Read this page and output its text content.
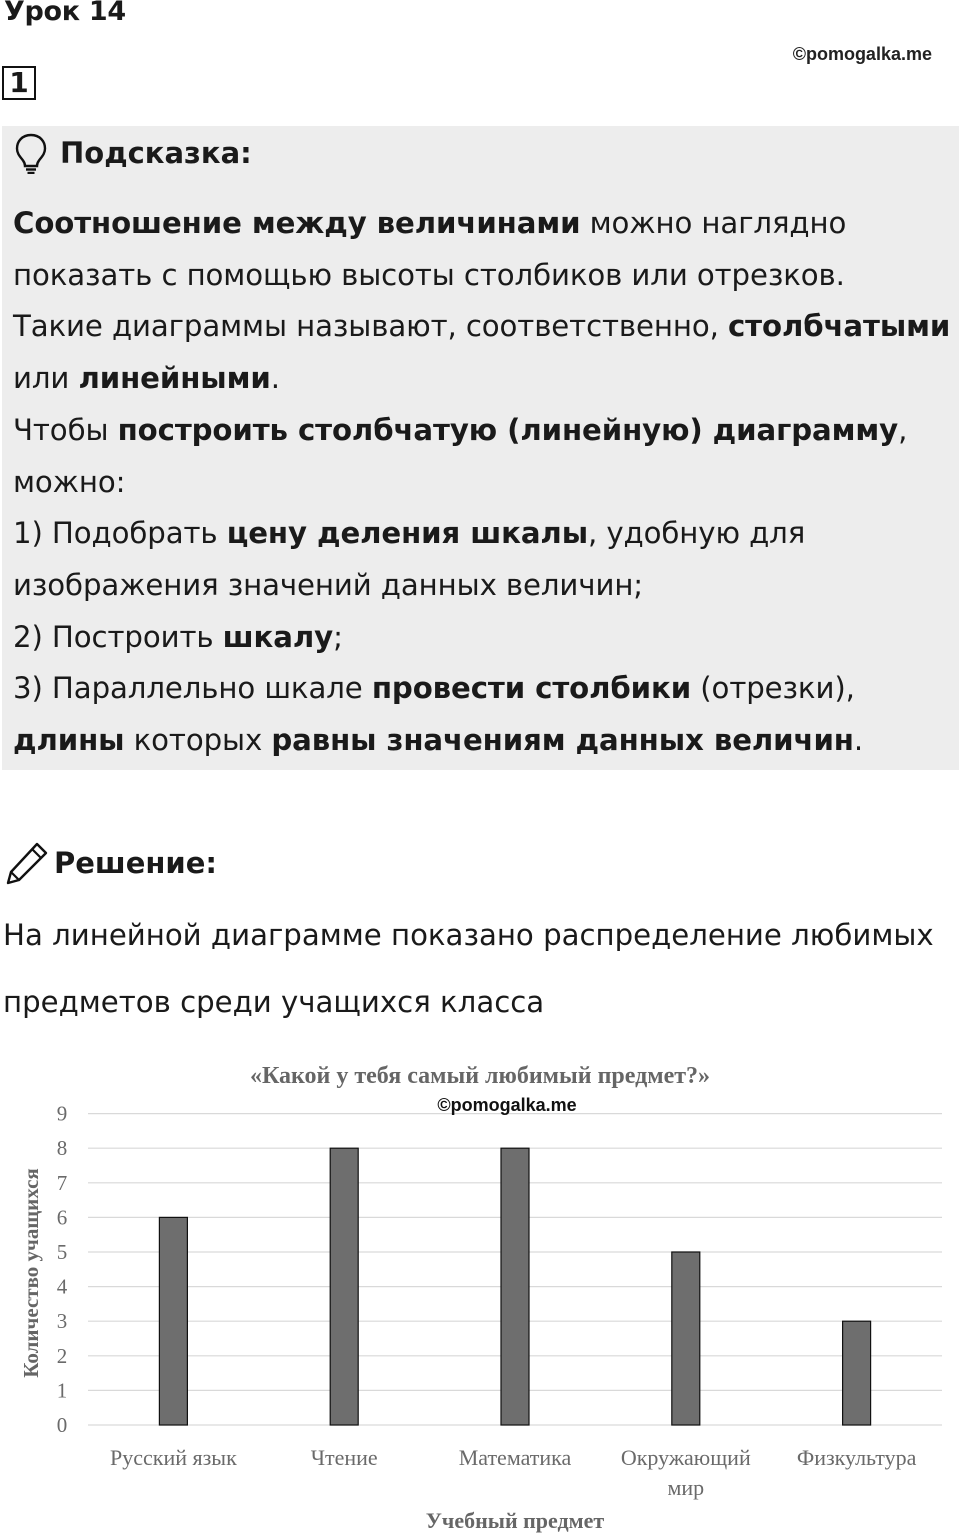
Урок 14
©pomogalka.me
1
Подсказка:

Соотношение между величинами можно наглядно

показать с помощью высоты столбиков или отрезков.

Такие диаграммы называют, соответственно, столбчатыми

или линейными.

Чтобы построить столбчатую (линейную) диаграмму,

можно:

1) Подобрать цену деления шкалы, удобную для

изображения значений данных величин;

2) Построить шкалу;

3) Параллельно шкале провести столбики (отрезки),

длины которых равны значениям данных величин.

Решение:

На линейной диаграмме показано распределение любимых

предметов среди учащихся класса

0
1
2
3
4
5
6
7
8
9
Русский язык	Чтение	Математика Окружающий
мир
Физкультура
«Какой у тебя самый любимый предмет?»
©pomogalka.me
Учебный предмет
Количество учащихся
